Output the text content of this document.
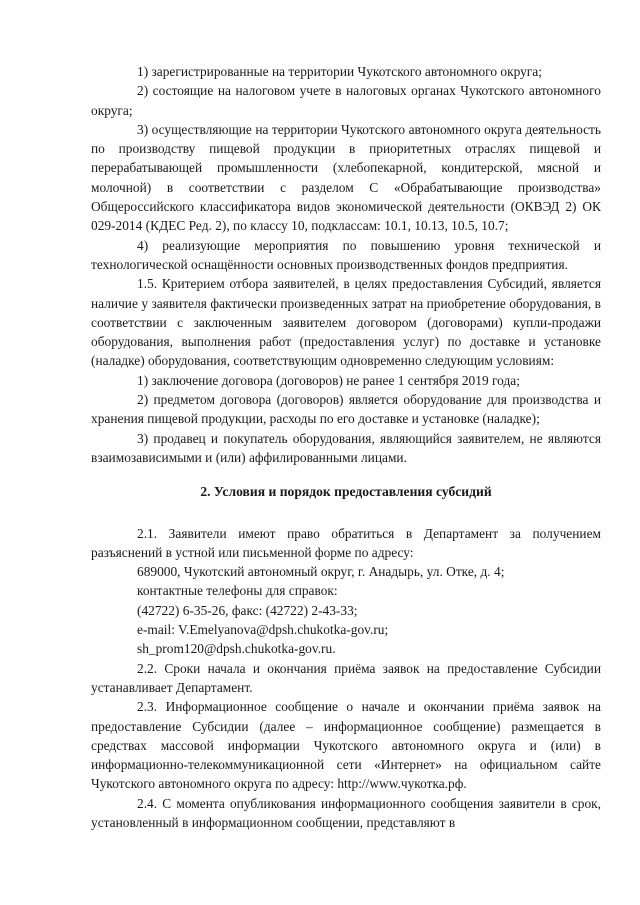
1) зарегистрированные на территории Чукотского автономного округа;

2) состоящие на налоговом учете в налоговых органах Чукотского автономного округа;

3) осуществляющие на территории Чукотского автономного округа деятельность по производству пищевой продукции в приоритетных отраслях пищевой и перерабатывающей промышленности (хлебопекарной, кондитерской, мясной и молочной) в соответствии с разделом С «Обрабатывающие производства» Общероссийского классификатора видов экономической деятельности (ОКВЭД 2) ОК 029-2014 (КДЕС Ред. 2), по классу 10, подклассам: 10.1, 10.13, 10.5, 10.7;

4) реализующие мероприятия по повышению уровня технической и технологической оснащённости основных производственных фондов предприятия.

1.5. Критерием отбора заявителей, в целях предоставления Субсидий, является наличие у заявителя фактически произведенных затрат на приобретение оборудования, в соответствии с заключенным заявителем договором (договорами) купли-продажи оборудования, выполнения работ (предоставления услуг) по доставке и установке (наладке) оборудования, соответствующим одновременно следующим условиям:

1) заключение договора (договоров) не ранее 1 сентября 2019 года;

2) предметом договора (договоров) является оборудование для производства и хранения пищевой продукции, расходы по его доставке и установке (наладке);

3) продавец и покупатель оборудования, являющийся заявителем, не являются взаимозависимыми и (или) аффилированными лицами.

2. Условия и порядок предоставления субсидий

2.1. Заявители имеют право обратиться в Департамент за получением разъяснений в устной или письменной форме по адресу:

689000, Чукотский автономный округ, г. Анадырь, ул. Отке, д. 4;

контактные телефоны для справок:

(42722) 6-35-26, факс: (42722) 2-43-33;

e-mail: V.Emelyanova@dpsh.chukotka-gov.ru;

sh_prom120@dpsh.chukotka-gov.ru.

2.2. Сроки начала и окончания приёма заявок на предоставление Субсидии устанавливает Департамент.

2.3. Информационное сообщение о начале и окончании приёма заявок на предоставление Субсидии (далее – информационное сообщение) размещается в средствах массовой информации Чукотского автономного округа и (или) в информационно-телекоммуникационной сети «Интернет» на официальном сайте Чукотского автономного округа по адресу: http://www.чукотка.рф.

2.4. С момента опубликования информационного сообщения заявители в срок, установленный в информационном сообщении, представляют в
